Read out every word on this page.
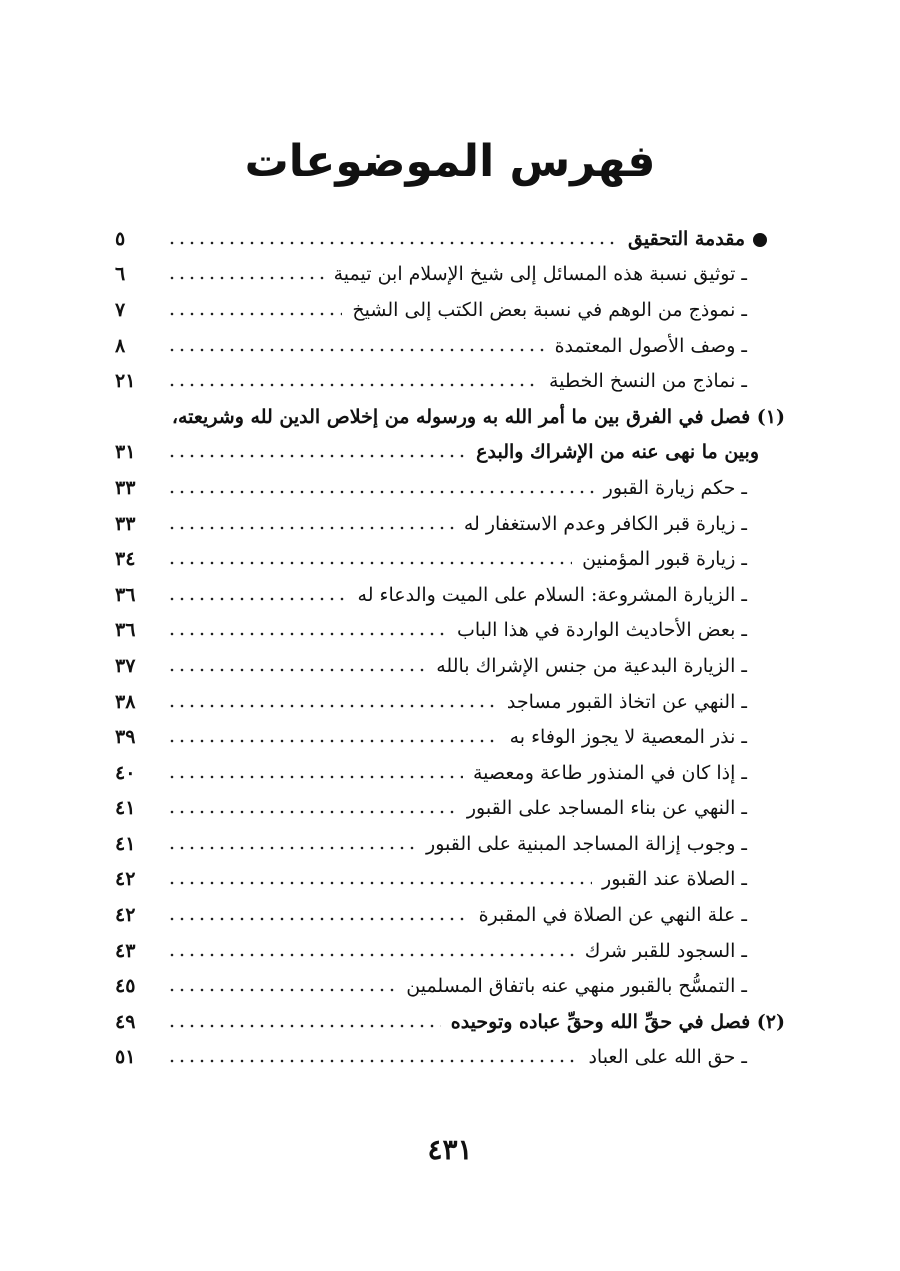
فهرس الموضوعات
مقدمة التحقيق
٥
ـ توثيق نسبة هذه المسائل إلى شيخ الإسلام ابن تيمية
٦
ـ نموذج من الوهم في نسبة بعض الكتب إلى الشيخ
٧
ـ وصف الأصول المعتمدة
٨
ـ نماذج من النسخ الخطية
٢١
(١) فصل في الفرق بين ما أمر الله به ورسوله من إخلاص الدين لله وشريعته،
وبين ما نهى عنه من الإشراك والبدع
٣١
ـ حكم زيارة القبور
٣٣
ـ زيارة قبر الكافر وعدم الاستغفار له
٣٣
ـ زيارة قبور المؤمنين
٣٤
ـ الزيارة المشروعة: السلام على الميت والدعاء له
٣٦
ـ بعض الأحاديث الواردة في هذا الباب
٣٦
ـ الزيارة البدعية من جنس الإشراك بالله
٣٧
ـ النهي عن اتخاذ القبور مساجد
٣٨
ـ نذر المعصية لا يجوز الوفاء به
٣٩
ـ إذا كان في المنذور طاعة ومعصية
٤٠
ـ النهي عن بناء المساجد على القبور
٤١
ـ وجوب إزالة المساجد المبنية على القبور
٤١
ـ الصلاة عند القبور
٤٢
ـ علة النهي عن الصلاة في المقبرة
٤٢
ـ السجود للقبر شرك
٤٣
ـ التمسُّح بالقبور منهي عنه باتفاق المسلمين
٤٥
(٢) فصل في حقِّ الله وحقِّ عباده وتوحيده
٤٩
ـ حق الله على العباد
٥١
٤٣١
